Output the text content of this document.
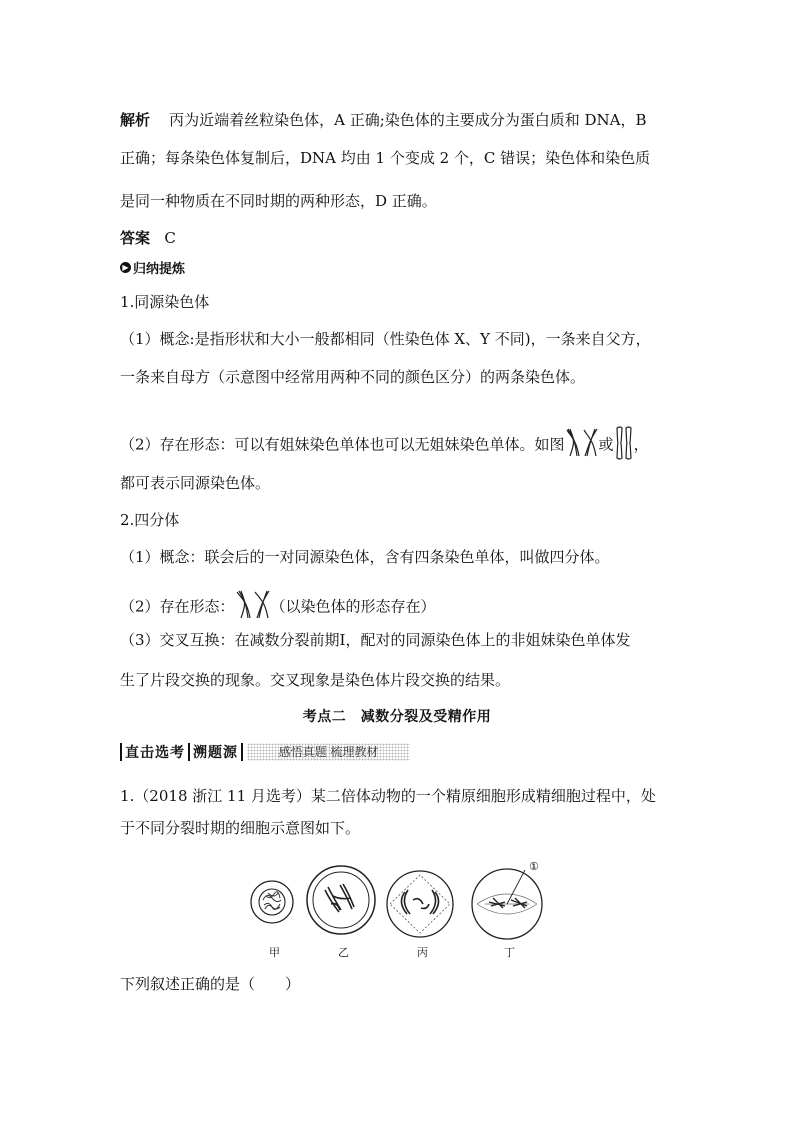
解析 丙为近端着丝粒染色体，A 正确;染色体的主要成分为蛋白质和 DNA，B
正确；每条染色体复制后，DNA 均由 1 个变成 2 个，C 错误；染色体和染色质
是同一种物质在不同时期的两种形态，D 正确。
答案 C
▶ 归纳提炼
1.同源染色体
（1）概念:是指形状和大小一般都相同（性染色体 X、Y 不同)，一条来自父方，
一条来自母方（示意图中经常用两种不同的颜色区分）的两条染色体。
（2）存在形态：可以有姐妹染色单体也可以无姐妹染色单体。如图 或 ，
都可表示同源染色体。
2.四分体
（1）概念：联会后的一对同源染色体，含有四条染色单体，叫做四分体。
（2）存在形态： （以染色体的形态存在）
（3）交叉互换：在减数分裂前期Ⅰ，配对的同源染色体上的非姐妹染色单体发
生了片段交换的现象。交叉现象是染色体片段交换的结果。
考点二　减数分裂及受精作用
直击选考 溯题源	感悟真题 梳理教材
1.（2018 浙江 11 月选考）某二倍体动物的一个精原细胞形成精细胞过程中，处
于不同分裂时期的细胞示意图如下。
①
甲	乙	丙	丁
下列叙述正确的是（　　）
